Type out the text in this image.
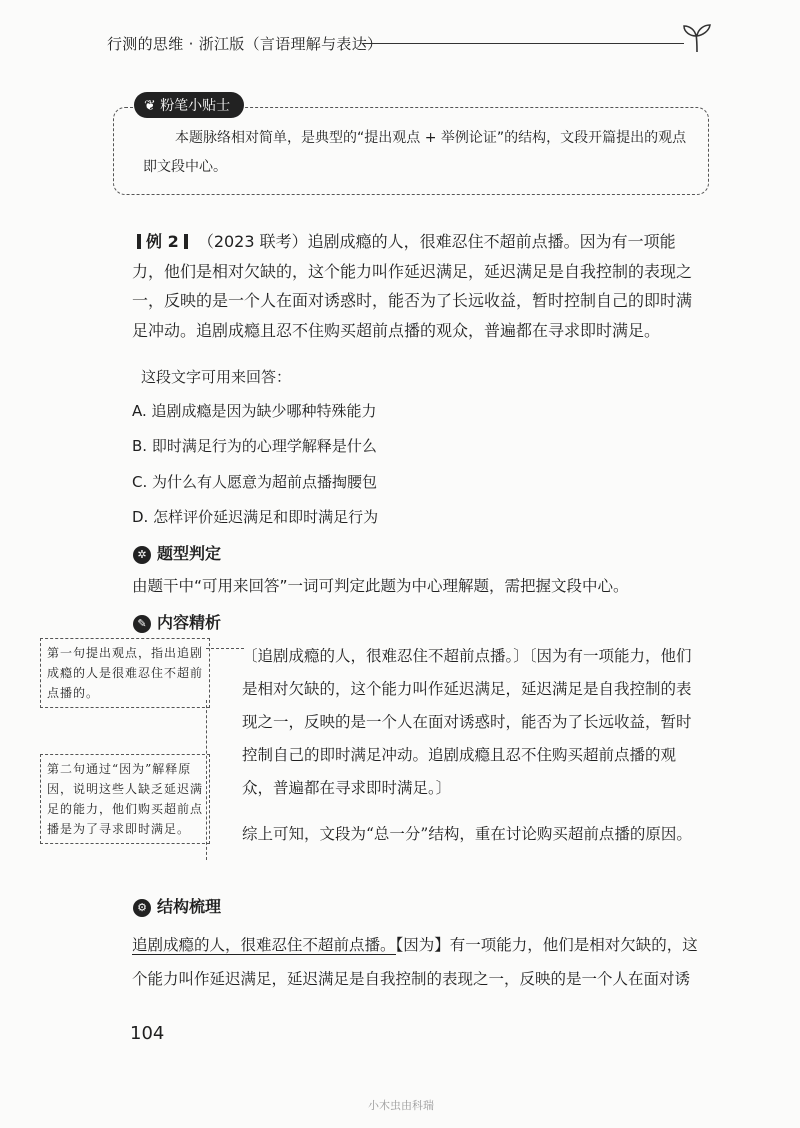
行测的思维 · 浙江版（言语理解与表达）
❦ 粉笔小贴士
本题脉络相对简单，是典型的“提出观点 + 举例论证”的结构，文段开篇提出的观点即文段中心。
例 2 （2023 联考）追剧成瘾的人，很难忍住不超前点播。因为有一项能力，他们是相对欠缺的，这个能力叫作延迟满足，延迟满足是自我控制的表现之一，反映的是一个人在面对诱惑时，能否为了长远收益，暂时控制自己的即时满足冲动。追剧成瘾且忍不住购买超前点播的观众，普遍都在寻求即时满足。
这段文字可用来回答：
A. 追剧成瘾是因为缺少哪种特殊能力
B. 即时满足行为的心理学解释是什么
C. 为什么有人愿意为超前点播掏腰包
D. 怎样评价延迟满足和即时满足行为
✲ 题型判定
由题干中“可用来回答”一词可判定此题为中心理解题，需把握文段中心。
✎ 内容精析
第一句提出观点，指出追剧成瘾的人是很难忍住不超前点播的。
第二句通过“因为”解释原因，说明这些人缺乏延迟满足的能力，他们购买超前点播是为了寻求即时满足。
〔追剧成瘾的人，很难忍住不超前点播。〕〔因为有一项能力，他们是相对欠缺的，这个能力叫作延迟满足，延迟满足是自我控制的表现之一，反映的是一个人在面对诱惑时，能否为了长远收益，暂时控制自己的即时满足冲动。追剧成瘾且忍不住购买超前点播的观众，普遍都在寻求即时满足。〕
综上可知，文段为“总一分”结构，重在讨论购买超前点播的原因。
⚙ 结构梳理
追剧成瘾的人，很难忍住不超前点播。【因为】有一项能力，他们是相对欠缺的，这个能力叫作延迟满足，延迟满足是自我控制的表现之一，反映的是一个人在面对诱
104
小木虫由科瑞
